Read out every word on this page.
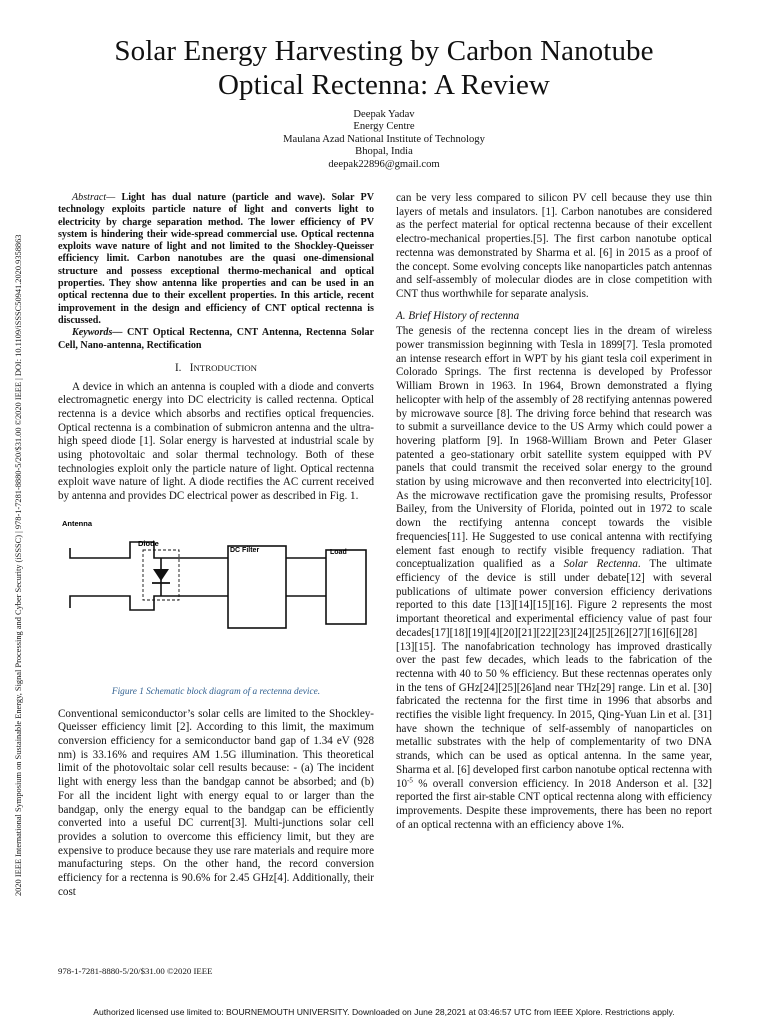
Solar Energy Harvesting by Carbon Nanotube
Optical Rectenna: A Review
Deepak Yadav
Energy Centre
Maulana Azad National Institute of Technology
Bhopal, India
deepak22896@gmail.com
2020 IEEE International Symposium on Sustainable Energy, Signal Processing and Cyber Security (iSSSC) | 978-1-7281-8880-5/20/$31.00 ©2020 IEEE | DOI: 10.1109/iSSSC50941.2020.9358863

Abstract— Light has dual nature (particle and wave). Solar PV technology exploits particle nature of light and converts light to electricity by charge separation method. The lower efficiency of PV system is hindering their wide-spread commercial use. Optical rectenna exploits wave nature of light and not limited to the Shockley-Queisser efficiency limit. Carbon nanotubes are the quasi one-dimensional structure and possess exceptional thermo-mechanical and optical properties. They show antenna like properties and can be used in an optical rectenna due to their excellent properties. In this article, recent improvement in the design and efficiency of CNT optical rectenna is discussed.

Keywords— CNT Optical Rectenna, CNT Antenna, Rectenna Solar Cell, Nano-antenna, Rectification

I. INTRODUCTION

A device in which an antenna is coupled with a diode and converts electromagnetic energy into DC electricity is called rectenna. Optical rectenna is a device which absorbs and rectifies optical frequencies. Optical rectenna is a combination of submicron antenna and the ultra-high speed diode [1]. Solar energy is harvested at industrial scale by using photovoltaic and solar thermal technology. Both of these technologies exploit only the particle nature of light. Optical rectenna exploit wave nature of light. A diode rectifies the AC current received by antenna and provides DC electrical power as described in Fig. 1.

Antenna
Diode
DC Filter	Load
Figure 1 Schematic block diagram of a rectenna device.

Conventional semiconductor’s solar cells are limited to the Shockley-Queisser efficiency limit [2]. According to this limit, the maximum conversion efficiency for a semiconductor band gap of 1.34 eV (928 nm) is 33.16% and requires AM 1.5G illumination. This theoretical limit of the photovoltaic solar cell results because: - (a) The incident light with energy less than the bandgap cannot be absorbed; and (b) For all the incident light with energy equal to or larger than the bandgap, only the energy equal to the bandgap can be efficiently converted into a useful DC current[3]. Multi-junctions solar cell provides a solution to overcome this efficiency limit, but they are expensive to produce because they use rare materials and require more manufacturing steps. On the other hand, the record conversion efficiency for a rectenna is 90.6% for 2.45 GHz[4]. Additionally, their cost

can be very less compared to silicon PV cell because they use thin layers of metals and insulators. [1]. Carbon nanotubes are considered as the perfect material for optical rectenna because of their excellent electro-mechanical properties.[5]. The first carbon nanotube optical rectenna was demonstrated by Sharma et al. [6] in 2015 as a proof of the concept. Some evolving concepts like nanoparticles patch antennas and self-assembly of molecular diodes are in close competition with CNT thus worthwhile for separate analysis.

A. Brief History of rectenna

The genesis of the rectenna concept lies in the dream of wireless power transmission beginning with Tesla in 1899[7]. Tesla promoted an intense research effort in WPT by his giant tesla coil experiment in Colorado Springs. The first rectenna is developed by Professor William Brown in 1963. In 1964, Brown demonstrated a flying helicopter with help of the assembly of 28 rectifying antennas powered by microwave source [8]. The driving force behind that research was to submit a surveillance device to the US Army which could power a hovering platform [9]. In 1968-William Brown and Peter Glaser patented a geo-stationary orbit satellite system equipped with PV panels that could transmit the received solar energy to the ground station by using microwave and then reconverted into electricity[10]. As the microwave rectification gave the promising results, Professor Bailey, from the University of Florida, pointed out in 1972 to scale down the rectifying antenna concept towards the visible frequencies[11]. He Suggested to use conical antenna with rectifying element fast enough to rectify visible frequency radiation. That conceptualization qualified as a Solar Rectenna. The ultimate efficiency of the device is still under debate[12] with several publications of ultimate power conversion efficiency derivations reported to this date [13][14][15][16]. Figure 2 represents the most important theoretical and experimental efficiency value of past four decades[17][18][19][4][20][21][22][23][24][25][26][27][16][6][28][13][15]. The nanofabrication technology has improved drastically over the past few decades, which leads to the fabrication of the rectenna with 40 to 50 % efficiency. But these rectennas operates only in the tens of GHz[24][25][26]and near THz[29] range. Lin et al. [30] fabricated the rectenna for the first time in 1996 that absorbs and rectifies the visible light frequency. In 2015, Qing-Yuan Lin et al. [31] have shown the technique of self-assembly of nanoparticles on metallic substrates with the help of complementarity of two DNA strands, which can be used as optical antenna. In the same year, Sharma et al. [6] developed first carbon nanotube optical rectenna with $10^{-5}$ % overall conversion efficiency. In 2018 Anderson et al. [32] reported the first air-stable CNT optical rectenna along with efficiency improvements. Despite these improvements, there has been no report of an optical rectenna with an efficiency above 1%.

978-1-7281-8880-5/20/$31.00 ©2020 IEEE
Authorized licensed use limited to: BOURNEMOUTH UNIVERSITY. Downloaded on June 28,2021 at 03:46:57 UTC from IEEE Xplore. Restrictions apply.
